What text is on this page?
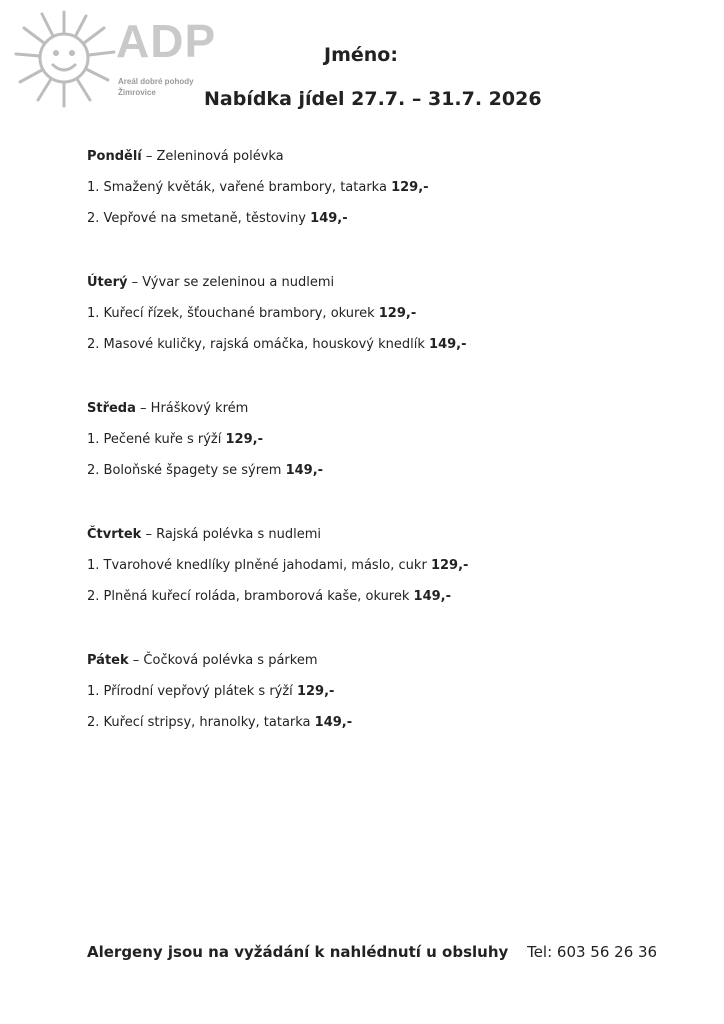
ADP
Areál dobré pohody
Žimrovice
Jméno:
Nabídka jídel 27.7. – 31.7. 2026
Pondělí – Zeleninová polévka
1. Smažený květák, vařené brambory, tatarka 129,-
2. Vepřové na smetaně, těstoviny 149,-
Úterý – Vývar se zeleninou a nudlemi
1. Kuřecí řízek, šťouchané brambory, okurek 129,-
2. Masové kuličky, rajská omáčka, houskový knedlík 149,-
Středa – Hráškový krém
1. Pečené kuře s rýží 129,-
2. Boloňské špagety se sýrem 149,-
Čtvrtek – Rajská polévka s nudlemi
1. Tvarohové knedlíky plněné jahodami, máslo, cukr 129,-
2. Plněná kuřecí roláda, bramborová kaše, okurek 149,-
Pátek – Čočková polévka s párkem
1. Přírodní vepřový plátek s rýží 129,-
2. Kuřecí stripsy, hranolky, tatarka 149,-
Alergeny jsou na vyžádání k nahlédnutí u obsluhy Tel: 603 56 26 36
